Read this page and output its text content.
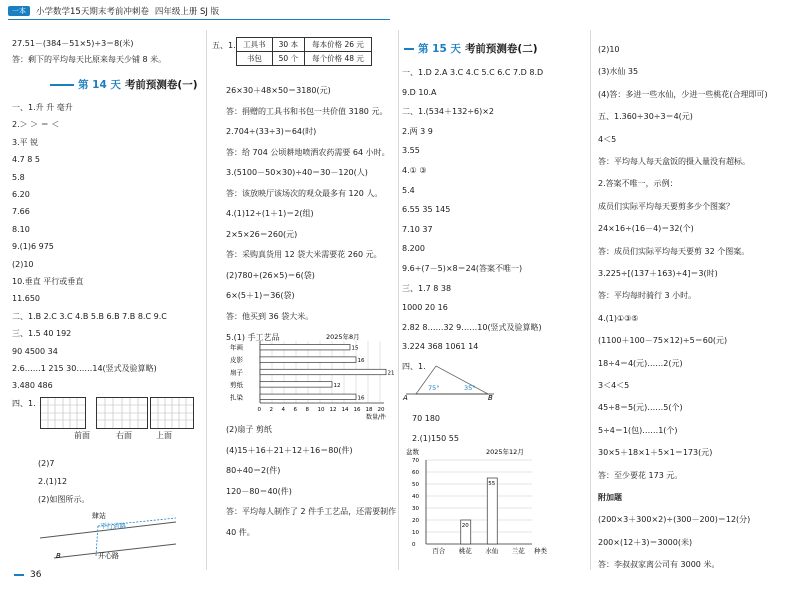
一本	小学数学15天期末考前冲刺卷 四年级上册 SJ 版
27.51－(384－51×5)÷3＝8(米)
答：剩下的平均每天比原来每天少铺 8 米。
第 14 天 考前预测卷(一)
一、1.升 升 毫升
2.＞ ＞ ＝ ＜
3.平 锐
4.7 8 5
5.8
6.20
7.66
8.10
9.(1)6 975
(2)10
10.垂直 平行或垂直
11.650
二、1.B 2.C 3.C 4.B 5.B 6.B 7.B 8.C 9.C
三、1.5 40 192
90 4500 34
2.6……1 215 30……14(竖式及验算略)
3.480 486
四、1.
前面	右面	上面
(2)7
2.(1)12
(2)如图所示。
肆站
开心路
平行道路
B
36
五、1. 工具书	30 本	每本价格 26 元
书包	50 个	每个价格 48 元
26×30＋48×50＝3180(元)
答：捐赠的工具书和书包一共价值 3180 元。
2.704÷(33÷3)＝64(时)
答：给 704 公顷耕地喷洒农药需要 64 小时。
3.(5100－50×30)÷40＝30－120(人)
答：该放映厅该场次的观众最多有 120 人。
4.(1)12÷(1＋1)＝2(组)
2×5×26＝260(元)
答：采购真货用 12 袋大米需要花 260 元。
(2)780÷(26×5)＝6(袋)
6×(5＋1)＝36(袋)
答：他买到 36 袋大米。
5.(1) 手工艺品	2025年8月
0 2 4 6 8 10 12 14 16 18 20
年画	15
皮影	16
扇子	21
剪纸	12
扎染	16
数量/件
(2)扇子 剪纸
(4)15＋16＋21＋12＋16＝80(件)
80÷40＝2(件)
120－80＝40(件)
答：平均每人制作了 2 件手工艺品，还需要制作
40 件。
第 15 天 考前预测卷(二)
一、1.D 2.A 3.C 4.C 5.C 6.C 7.D 8.D
9.D 10.A
二、1.(534＋132÷6)×2
2.两 3 9
3.55
4.① ③
5.4
6.55 35 145
7.10 37
8.200
9.6÷(7－5)×8＝24(答案不唯一)
三、1.7 8 38
1000 20 16
2.82 8……32 9……10(竖式及验算略)
3.224 368 1061 14
四、1.
75°	35°
A	B
70 180
2.(1)150 55
盆数	2025年12月
0
10
20
30
40
50
60
70
百合 桃花
20
水仙
55
兰花 种类
(2)10
(3)水仙 35
(4)答：多进一些水仙，少进一些桃花(合理即可)
五、1.360÷30÷3＝4(元)
4＜5
答：平均每人每天盒饭的摄入量没有超标。
2.答案不唯一，示例：
成员们实际平均每天要剪多少个图案？
24×16÷(16－4)＝32(个)
答：成员们实际平均每天要剪 32 个图案。
3.225÷[(137＋163)÷4]＝3(时)
答：平均每时骑行 3 小时。
4.(1)①③⑤
(1100＋100－75×12)÷5＝60(元)
18÷4＝4(元)……2(元)
3＜4＜5
45÷8＝5(元)……5(个)
5÷4＝1(包)……1(个)
30×5＋18×1＋5×1＝173(元)
答：至少要花 173 元。
附加题
(200×3＋300×2)÷(300－200)＝12(分)
200×(12＋3)＝3000(米)
答：李叔叔家离公司有 3000 米。
